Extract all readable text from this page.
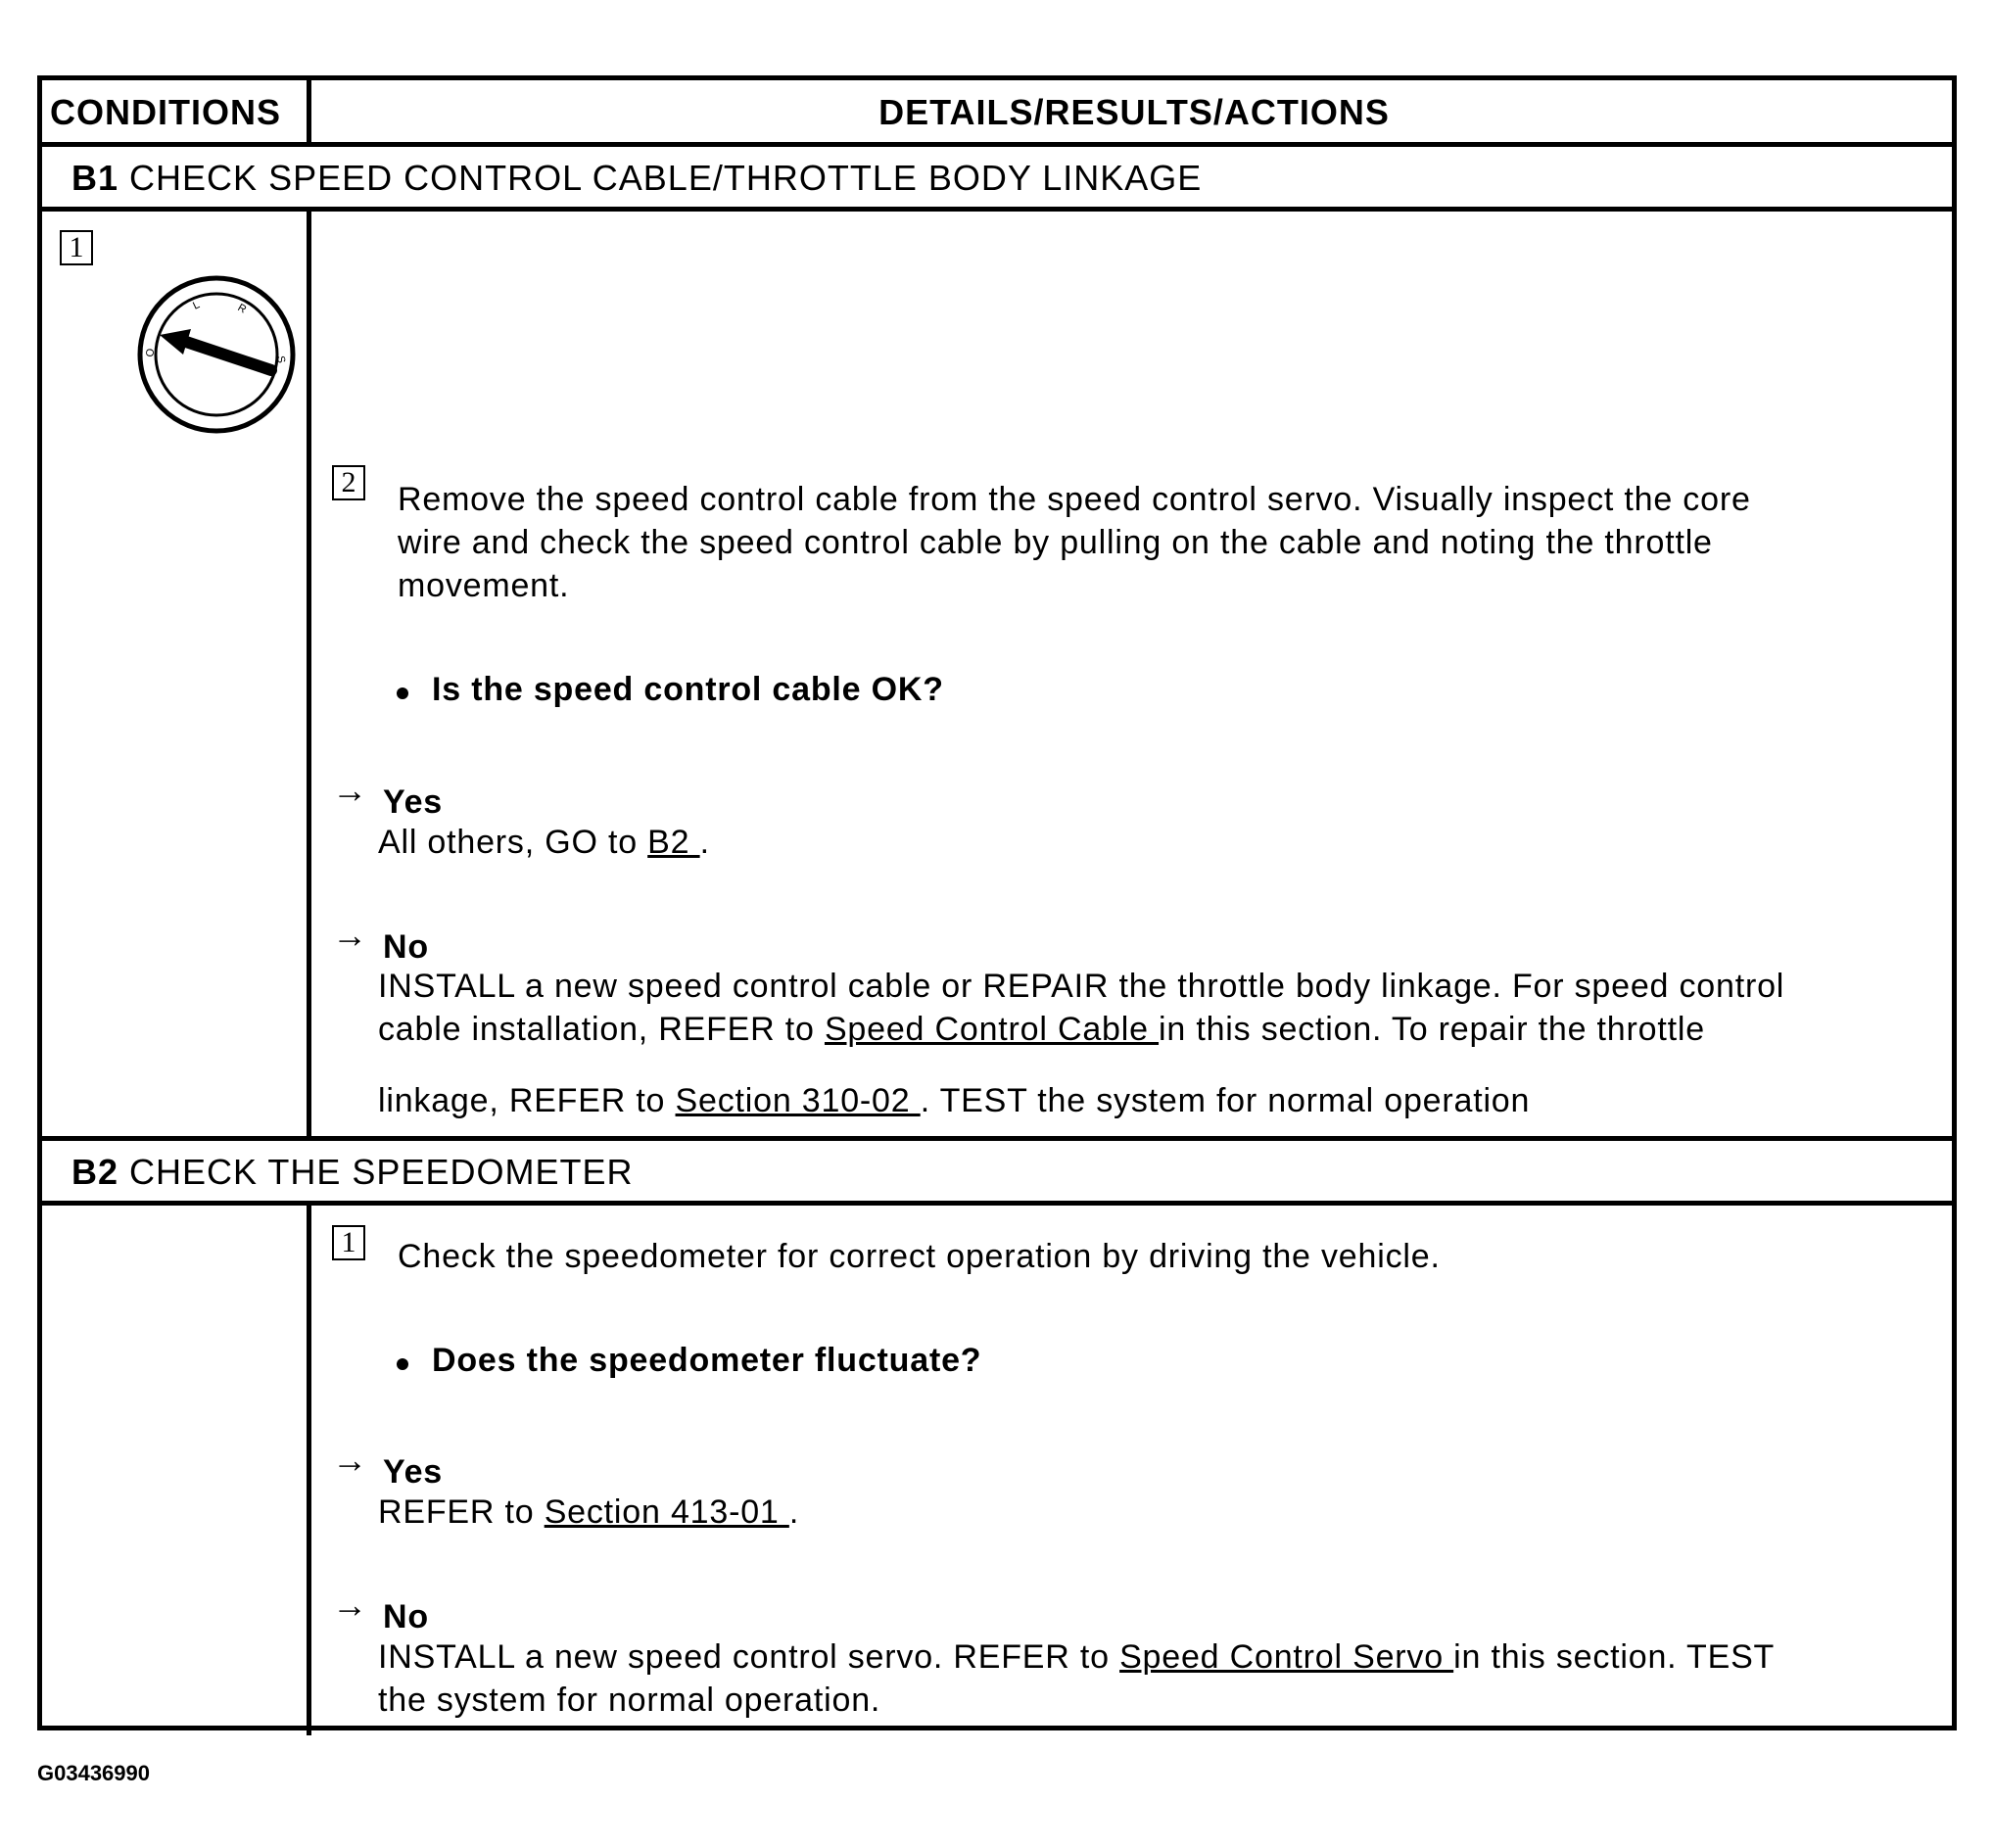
CONDITIONS	DETAILS/RESULTS/ACTIONS
B1 CHECK SPEED CONTROL CABLE/THROTTLE BODY LINKAGE
1
L	R
O
S
2 Remove the speed control cable from the speed control servo. Visually inspect the core
wire and check the speed control cable by pulling on the cable and noting the throttle
movement.
Is the speed control cable OK?
→ Yes
All others, GO to B2 .
→ No
INSTALL a new speed control cable or REPAIR the throttle body linkage. For speed control
cable installation, REFER to Speed Control Cable in this section. To repair the throttle
linkage, REFER to Section 310-02 . TEST the system for normal operation
B2 CHECK THE SPEEDOMETER
1 Check the speedometer for correct operation by driving the vehicle.
Does the speedometer fluctuate?
→ Yes
REFER to Section 413-01 .
→ No
INSTALL a new speed control servo. REFER to Speed Control Servo in this section. TEST
the system for normal operation.
G03436990
